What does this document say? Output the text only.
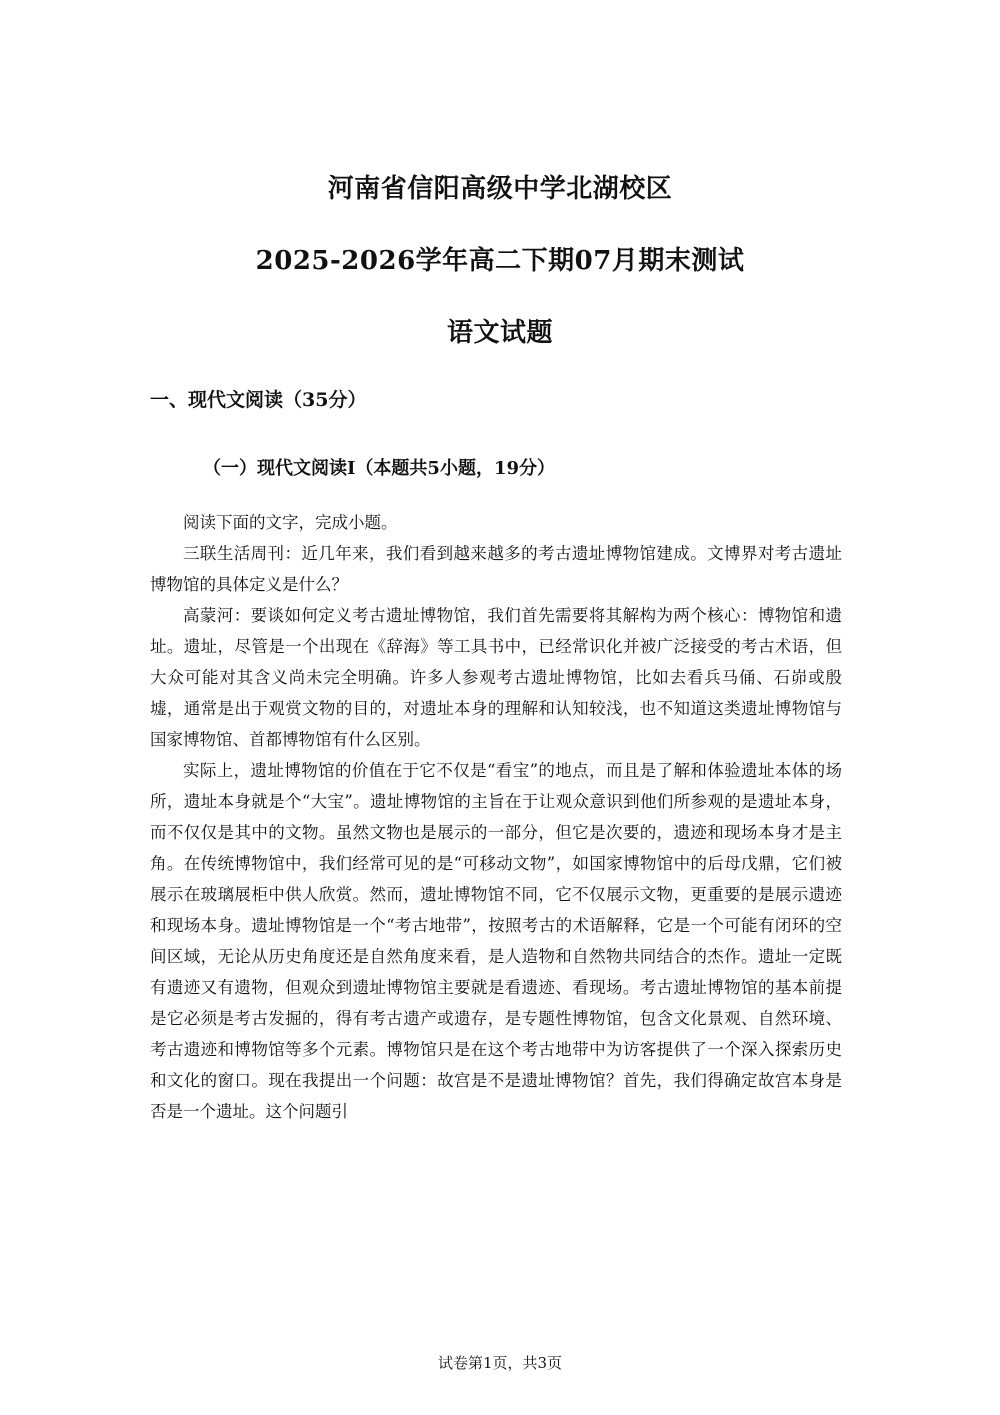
河南省信阳高级中学北湖校区
2025-2026学年高二下期07月期末测试
语文试题
一、现代文阅读（35分）
（一）现代文阅读I（本题共5小题，19分）

阅读下面的文字，完成小题。

三联生活周刊：近几年来，我们看到越来越多的考古遗址博物馆建成。文博界对考古遗址博物馆的具体定义是什么？

高蒙河：要谈如何定义考古遗址博物馆，我们首先需要将其解构为两个核心：博物馆和遗址。遗址，尽管是一个出现在《辞海》等工具书中，已经常识化并被广泛接受的考古术语，但大众可能对其含义尚未完全明确。许多人参观考古遗址博物馆，比如去看兵马俑、石峁或殷墟，通常是出于观赏文物的目的，对遗址本身的理解和认知较浅，也不知道这类遗址博物馆与国家博物馆、首都博物馆有什么区别。

实际上，遗址博物馆的价值在于它不仅是“看宝”的地点，而且是了解和体验遗址本体的场所，遗址本身就是个“大宝”。遗址博物馆的主旨在于让观众意识到他们所参观的是遗址本身，而不仅仅是其中的文物。虽然文物也是展示的一部分，但它是次要的，遗迹和现场本身才是主角。在传统博物馆中，我们经常可见的是“可移动文物”，如国家博物馆中的后母戊鼎，它们被展示在玻璃展柜中供人欣赏。然而，遗址博物馆不同，它不仅展示文物，更重要的是展示遗迹和现场本身。遗址博物馆是一个“考古地带”，按照考古的术语解释，它是一个可能有闭环的空间区域，无论从历史角度还是自然角度来看，是人造物和自然物共同结合的杰作。遗址一定既有遗迹又有遗物，但观众到遗址博物馆主要就是看遗迹、看现场。考古遗址博物馆的基本前提是它必须是考古发掘的，得有考古遗产或遗存，是专题性博物馆，包含文化景观、自然环境、考古遗迹和博物馆等多个元素。博物馆只是在这个考古地带中为访客提供了一个深入探索历史和文化的窗口。现在我提出一个问题：故宫是不是遗址博物馆？首先，我们得确定故宫本身是否是一个遗址。这个问题引

试卷第1页，共3页
